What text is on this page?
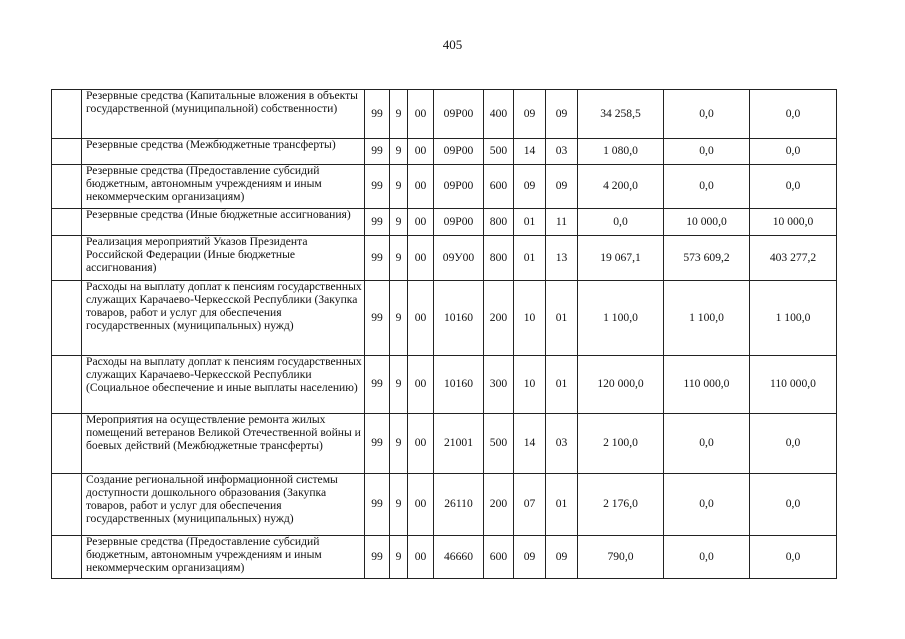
405
	Резервные средства (Капитальные вложения в объекты государственной (муниципальной) собственности)	99	9	00	09Р00	400	09	09	34 258,5	0,0	0,0
	Резервные средства (Межбюджетные трансферты)	99	9	00	09Р00	500	14	03	1 080,0	0,0	0,0
	Резервные средства (Предоставление субсидий бюджетным, автономным учреждениям и иным некоммерческим организациям)	99	9	00	09Р00	600	09	09	4 200,0	0,0	0,0
	Резервные средства (Иные бюджетные ассигнования)	99	9	00	09Р00	800	01	11	0,0	10 000,0	10 000,0
	Реализация мероприятий Указов Президента Российской Федерации (Иные бюджетные ассигнования)	99	9	00	09У00	800	01	13	19 067,1	573 609,2	403 277,2
	Расходы на выплату доплат к пенсиям государственных служащих Карачаево-Черкесской Республики (Закупка товаров, работ и услуг для обеспечения государственных (муниципальных) нужд)	99	9	00	10160	200	10	01	1 100,0	1 100,0	1 100,0
	Расходы на выплату доплат к пенсиям государственных служащих Карачаево-Черкесской Республики (Социальное обеспечение и иные выплаты населению)	99	9	00	10160	300	10	01	120 000,0	110 000,0	110 000,0
	Мероприятия на осуществление ремонта жилых помещений ветеранов Великой Отечественной войны и боевых действий (Межбюджетные трансферты)	99	9	00	21001	500	14	03	2 100,0	0,0	0,0
	Создание региональной информационной системы доступности дошкольного образования (Закупка товаров, работ и услуг для обеспечения государственных (муниципальных) нужд)	99	9	00	26110	200	07	01	2 176,0	0,0	0,0
	Резервные средства (Предоставление субсидий бюджетным, автономным учреждениям и иным некоммерческим организациям)	99	9	00	46660	600	09	09	790,0	0,0	0,0
